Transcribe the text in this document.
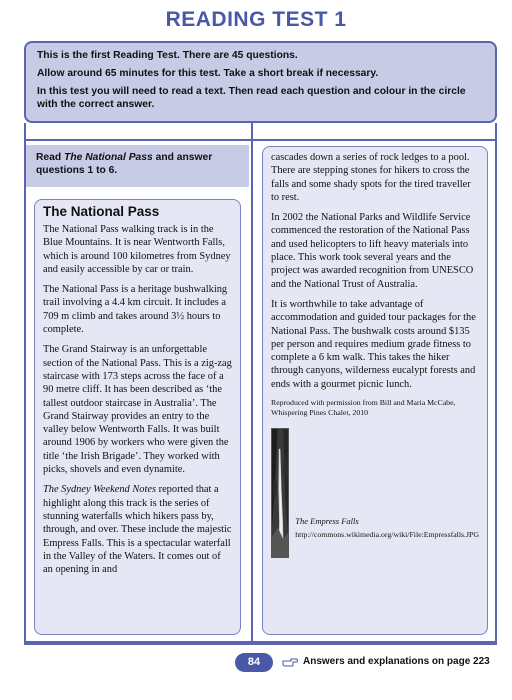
READING TEST 1

This is the first Reading Test. There are 45 questions.

Allow around 65 minutes for this test. Take a short break if necessary.

In this test you will need to read a text. Then read each question and colour in the circle with the correct answer.

Read The National Pass and answer questions 1 to 6.
The National Pass

The National Pass walking track is in the Blue Mountains. It is near Wentworth Falls, which is around 100 kilometres from Sydney and easily accessible by car or train.

The National Pass is a heritage bushwalking trail involving a 4.4 km circuit. It includes a 709 m climb and takes around 3½ hours to complete.

The Grand Stairway is an unforgettable section of the National Pass. This is a zig-zag staircase with 173 steps across the face of a 90 metre cliff. It has been described as ‘the tallest outdoor staircase in Australia’. The Grand Stairway provides an entry to the valley below Wentworth Falls. It was built around 1906 by workers who were given the title ‘the Irish Brigade’. They worked with picks, shovels and even dynamite.

The Sydney Weekend Notes reported that a highlight along this track is the series of stunning waterfalls which hikers pass by, through, and over. These include the majestic Empress Falls. This is a spectacular waterfall in the Valley of the Waters. It comes out of an opening in and

cascades down a series of rock ledges to a pool. There are stepping stones for hikers to cross the falls and some shady spots for the tired traveller to rest.

In 2002 the National Parks and Wildlife Service commenced the restoration of the National Pass and used helicopters to lift heavy materials into place. This work took several years and the project was awarded recognition from UNESCO and the National Trust of Australia.

It is worthwhile to take advantage of accommodation and guided tour packages for the National Pass. The bushwalk costs around $135 per person and requires medium grade fitness to complete a 6 km walk. This takes the hiker through canyons, wilderness eucalypt forests and ends with a gourmet picnic lunch.

Reproduced with permission from Bill and Maria McCabe, Whispering Pines Chalet, 2010

The Empress Falls
http://commons.wikimedia.org/wiki/File:Empressfalls.JPG
84	Answers and explanations on page 223
